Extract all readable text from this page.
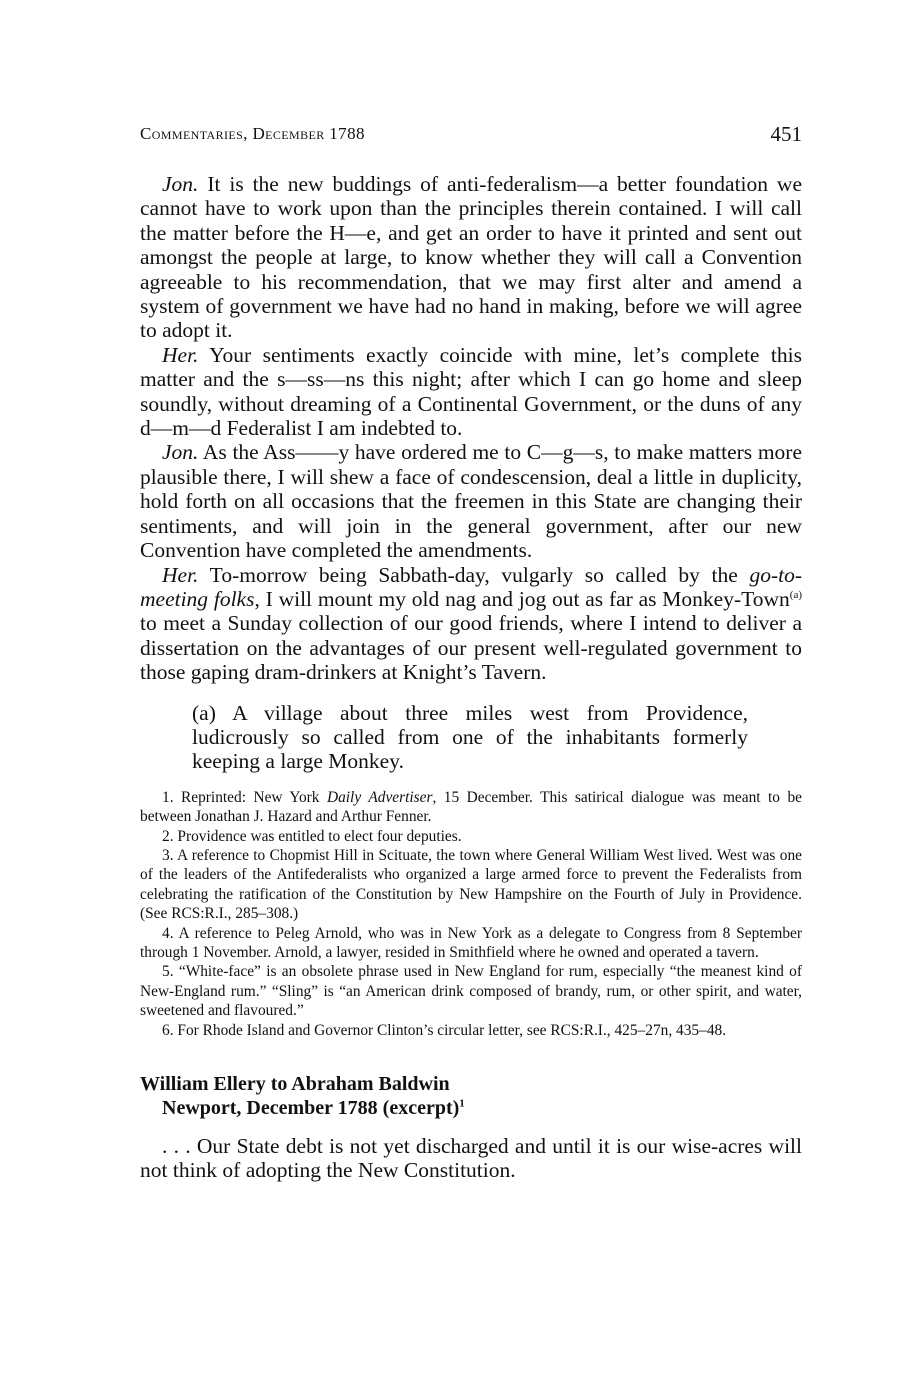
Commentaries, December 1788	451

Jon. It is the new buddings of anti-federalism—a better foundation we cannot have to work upon than the principles therein contained. I will call the matter before the H—e, and get an order to have it printed and sent out amongst the people at large, to know whether they will call a Convention agreeable to his recommendation, that we may first alter and amend a system of government we have had no hand in making, before we will agree to adopt it.

Her. Your sentiments exactly coincide with mine, let’s complete this matter and the s—ss—ns this night; after which I can go home and sleep soundly, without dreaming of a Continental Government, or the duns of any d—m—d Federalist I am indebted to.

Jon. As the Ass——y have ordered me to C—g—s, to make matters more plausible there, I will shew a face of condescension, deal a little in duplicity, hold forth on all occasions that the freemen in this State are changing their sentiments, and will join in the general government, after our new Convention have completed the amendments.

Her. To-morrow being Sabbath-day, vulgarly so called by the go-to-meeting folks, I will mount my old nag and jog out as far as Monkey-Town$^{(a)}$ to meet a Sunday collection of our good friends, where I intend to deliver a dissertation on the advantages of our present well-regulated government to those gaping dram-drinkers at Knight’s Tavern.

(a) A village about three miles west from Providence, ludicrously so called from one of the inhabitants formerly keeping a large Monkey.

1. Reprinted: New York Daily Advertiser, 15 December. This satirical dialogue was meant to be between Jonathan J. Hazard and Arthur Fenner.

2. Providence was entitled to elect four deputies.

3. A reference to Chopmist Hill in Scituate, the town where General William West lived. West was one of the leaders of the Antifederalists who organized a large armed force to prevent the Federalists from celebrating the ratification of the Constitution by New Hampshire on the Fourth of July in Providence. (See RCS:R.I., 285–308.)

4. A reference to Peleg Arnold, who was in New York as a delegate to Congress from 8 September through 1 November. Arnold, a lawyer, resided in Smithfield where he owned and operated a tavern.

5. “White-face” is an obsolete phrase used in New England for rum, especially “the meanest kind of New-England rum.” “Sling” is “an American drink composed of brandy, rum, or other spirit, and water, sweetened and flavoured.”

6. For Rhode Island and Governor Clinton’s circular letter, see RCS:R.I., 425–27n, 435–48.

William Ellery to Abraham Baldwin
Newport, December 1788 (excerpt)$^1$

. . . Our State debt is not yet discharged and until it is our wise-acres will not think of adopting the New Constitution.
